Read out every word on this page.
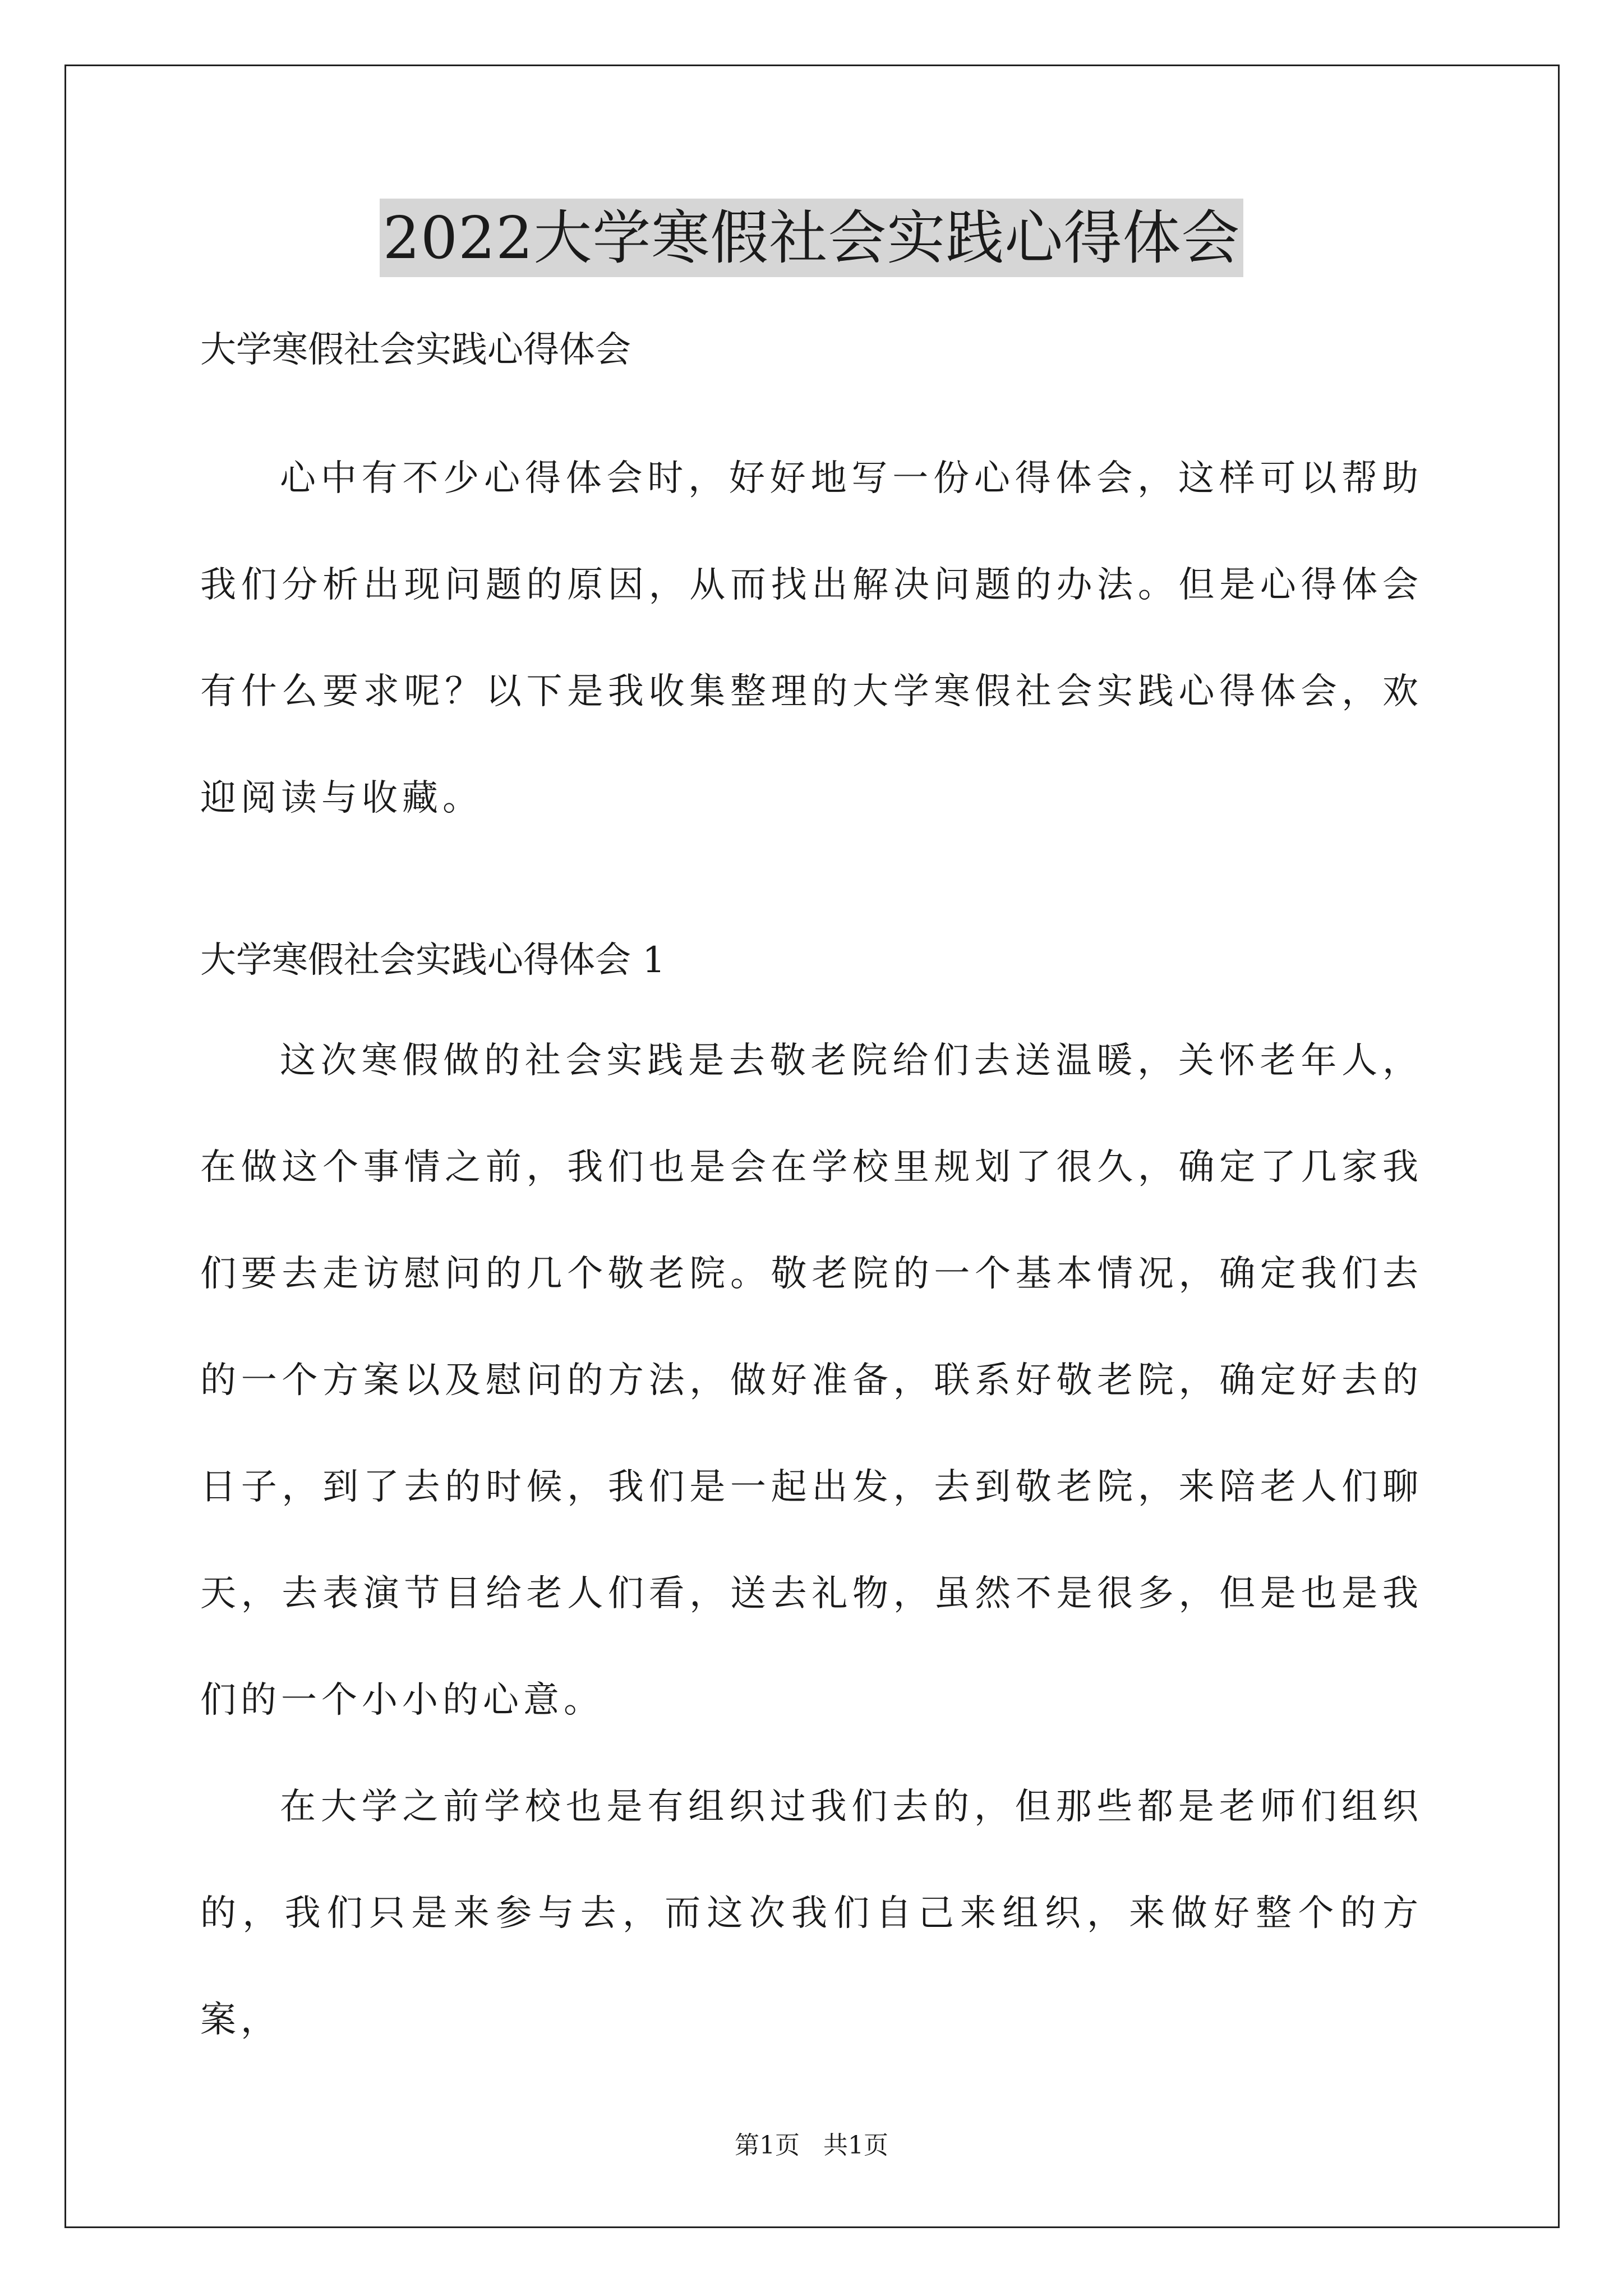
2022大学寒假社会实践心得体会

大学寒假社会实践心得体会

心中有不少心得体会时，好好地写一份心得体会，这样可以帮助我们分析出现问题的原因，从而找出解决问题的办法。但是心得体会有什么要求呢？以下是我收集整理的大学寒假社会实践心得体会，欢迎阅读与收藏。

大学寒假社会实践心得体会 1

这次寒假做的社会实践是去敬老院给们去送温暖，关怀老年人，在做这个事情之前，我们也是会在学校里规划了很久，确定了几家我们要去走访慰问的几个敬老院。敬老院的一个基本情况，确定我们去的一个方案以及慰问的方法，做好准备，联系好敬老院，确定好去的日子，到了去的时候，我们是一起出发，去到敬老院，来陪老人们聊天，去表演节目给老人们看，送去礼物，虽然不是很多，但是也是我们的一个小小的心意。

在大学之前学校也是有组织过我们去的，但那些都是老师们组织的，我们只是来参与去，而这次我们自己来组织，来做好整个的方案，

第1页   共1页
